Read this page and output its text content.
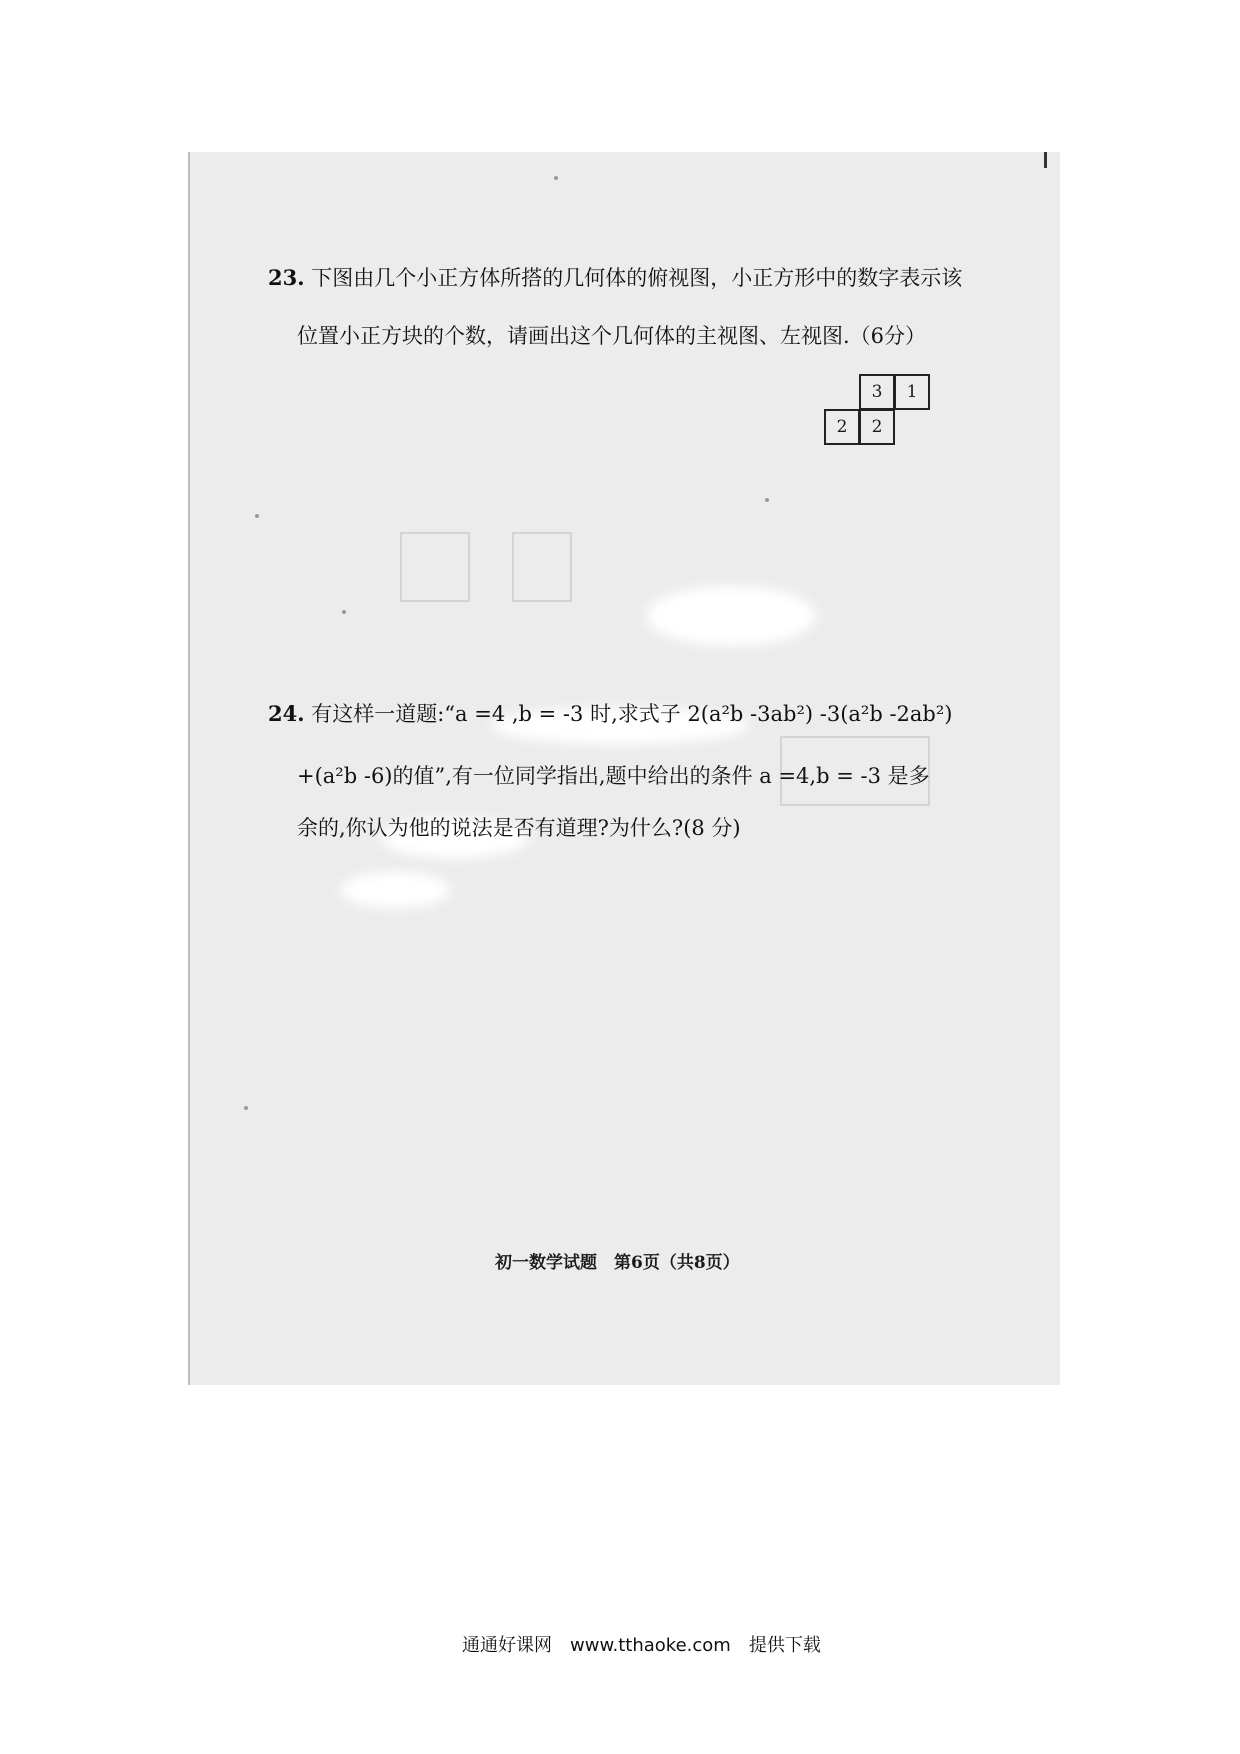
23. 下图由几个小正方体所搭的几何体的俯视图，小正方形中的数字表示该
位置小正方块的个数，请画出这个几何体的主视图、左视图.（6分）
3	1
2	2
24. 有这样一道题:“a =4 ,b = -3 时,求式子 2(a²b -3ab²) -3(a²b -2ab²)
+(a²b -6)的值”,有一位同学指出,题中给出的条件 a =4,b = -3 是多
余的,你认为他的说法是否有道理?为什么?(8 分)
初一数学试题　第6页（共8页）
通通好课网　www.tthaoke.com　提供下载
